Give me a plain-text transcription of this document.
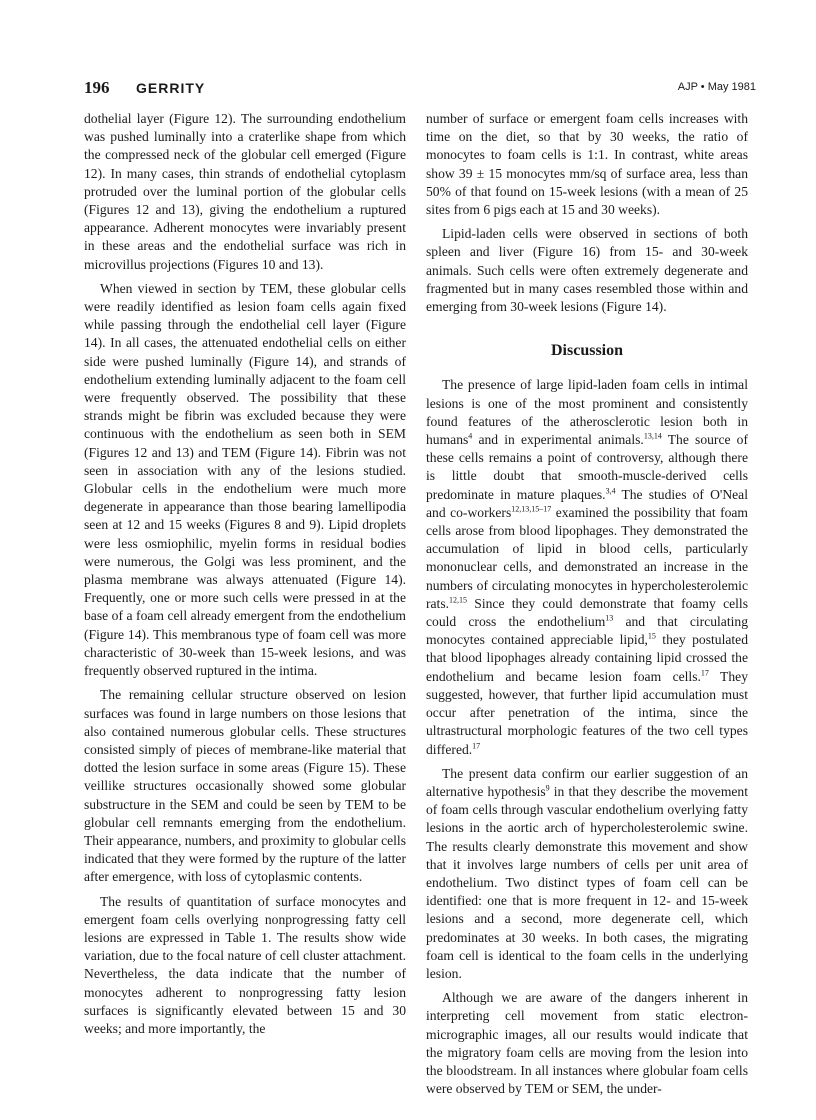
196 GERRITY	AJP • May 1981

dothelial layer (Figure 12). The surrounding endothelium was pushed luminally into a craterlike shape from which the compressed neck of the globular cell emerged (Figure 12). In many cases, thin strands of endothelial cytoplasm protruded over the luminal portion of the globular cells (Figures 12 and 13), giving the endothelium a ruptured appearance. Adherent monocytes were invariably present in these areas and the endothelial surface was rich in microvillus projections (Figures 10 and 13).

When viewed in section by TEM, these globular cells were readily identified as lesion foam cells again fixed while passing through the endothelial cell layer (Figure 14). In all cases, the attenuated endothelial cells on either side were pushed luminally (Figure 14), and strands of endothelium extending luminally adjacent to the foam cell were frequently observed. The possibility that these strands might be fibrin was excluded because they were continuous with the endothelium as seen both in SEM (Figures 12 and 13) and TEM (Figure 14). Fibrin was not seen in association with any of the lesions studied. Globular cells in the endothelium were much more degenerate in appearance than those bearing lamellipodia seen at 12 and 15 weeks (Figures 8 and 9). Lipid droplets were less osmiophilic, myelin forms in residual bodies were numerous, the Golgi was less prominent, and the plasma membrane was always attenuated (Figure 14). Frequently, one or more such cells were pressed in at the base of a foam cell already emergent from the endothelium (Figure 14). This membranous type of foam cell was more characteristic of 30-week than 15-week lesions, and was frequently observed ruptured in the intima.

The remaining cellular structure observed on lesion surfaces was found in large numbers on those lesions that also contained numerous globular cells. These structures consisted simply of pieces of membrane-like material that dotted the lesion surface in some areas (Figure 15). These veillike structures occasionally showed some globular substructure in the SEM and could be seen by TEM to be globular cell remnants emerging from the endothelium. Their appearance, numbers, and proximity to globular cells indicated that they were formed by the rupture of the latter after emergence, with loss of cytoplasmic contents.

The results of quantitation of surface monocytes and emergent foam cells overlying nonprogressing fatty cell lesions are expressed in Table 1. The results show wide variation, due to the focal nature of cell cluster attachment. Nevertheless, the data indicate that the number of monocytes adherent to nonprogressing fatty lesion surfaces is significantly elevated between 15 and 30 weeks; and more importantly, the

number of surface or emergent foam cells increases with time on the diet, so that by 30 weeks, the ratio of monocytes to foam cells is 1:1. In contrast, white areas show 39 ± 15 monocytes mm/sq of surface area, less than 50% of that found on 15-week lesions (with a mean of 25 sites from 6 pigs each at 15 and 30 weeks).

Lipid-laden cells were observed in sections of both spleen and liver (Figure 16) from 15- and 30-week animals. Such cells were often extremely degenerate and fragmented but in many cases resembled those within and emerging from 30-week lesions (Figure 14).

Discussion

The presence of large lipid-laden foam cells in intimal lesions is one of the most prominent and consistently found features of the atherosclerotic lesion both in humans$^4$ and in experimental animals.$^{13,14}$ The source of these cells remains a point of controversy, although there is little doubt that smooth-muscle-derived cells predominate in mature plaques.$^{3,4}$ The studies of O'Neal and co-workers$^{12,13,15-17}$ examined the possibility that foam cells arose from blood lipophages. They demonstrated the accumulation of lipid in blood cells, particularly mononuclear cells, and demonstrated an increase in the numbers of circulating monocytes in hypercholesterolemic rats.$^{12,15}$ Since they could demonstrate that foamy cells could cross the endothelium$^{13}$ and that circulating monocytes contained appreciable lipid,$^{15}$ they postulated that blood lipophages already containing lipid crossed the endothelium and became lesion foam cells.$^{17}$ They suggested, however, that further lipid accumulation must occur after penetration of the intima, since the ultrastructural morphologic features of the two cell types differed.$^{17}$

The present data confirm our earlier suggestion of an alternative hypothesis$^9$ in that they describe the movement of foam cells through vascular endothelium overlying fatty lesions in the aortic arch of hypercholesterolemic swine. The results clearly demonstrate this movement and show that it involves large numbers of cells per unit area of endothelium. Two distinct types of foam cell can be identified: one that is more frequent in 12- and 15-week lesions and a second, more degenerate cell, which predominates at 30 weeks. In both cases, the migrating foam cell is identical to the foam cells in the underlying lesion.

Although we are aware of the dangers inherent in interpreting cell movement from static electron-micrographic images, all our results would indicate that the migratory foam cells are moving from the lesion into the bloodstream. In all instances where globular foam cells were observed by TEM or SEM, the under-
